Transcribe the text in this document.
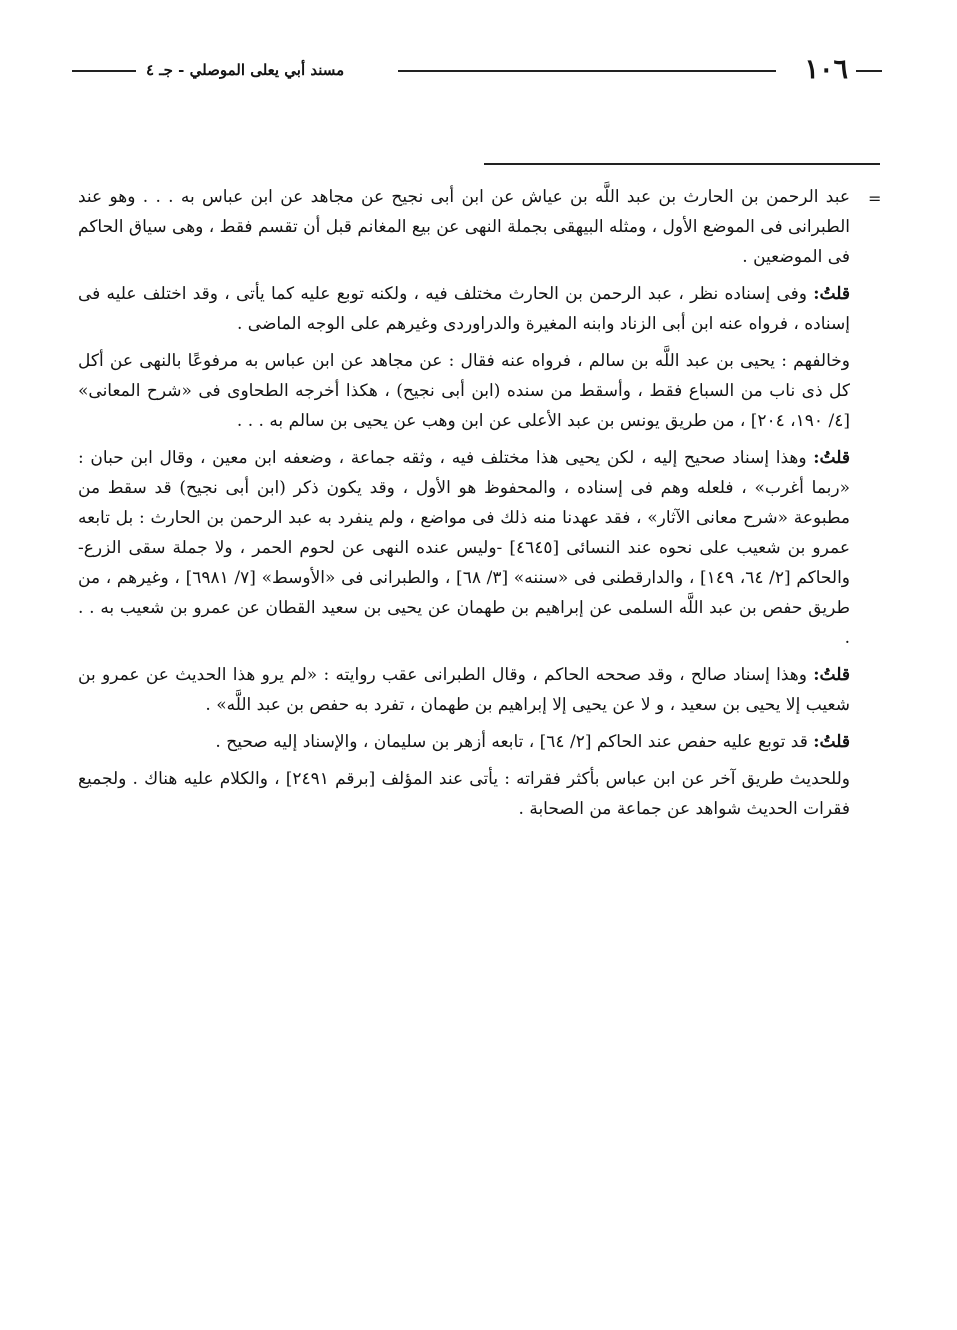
١٠٦
مسند أبي يعلى الموصلي - جـ ٤
=

عبد الرحمن بن الحارث بن عبد اللَّه بن عياش عن ابن أبى نجيح عن مجاهد عن ابن عباس به . . . وهو عند الطبرانى فى الموضع الأول ، ومثله البيهقى بجملة النهى عن بيع المغانم قبل أن تقسم فقط ، وهى سياق الحاكم فى الموضعين .

قلتُ: وفى إسناده نظر ، عبد الرحمن بن الحارث مختلف فيه ، ولكنه توبع عليه كما يأتى ، وقد اختلف عليه فى إسناده ، فرواه عنه ابن أبى الزناد وابنه المغيرة والدراوردى وغيرهم على الوجه الماضى .

وخالفهم : يحيى بن عبد اللَّه بن سالم ، فرواه عنه فقال : عن مجاهد عن ابن عباس به مرفوعًا بالنهى عن أكل كل ذى ناب من السباع فقط ، وأسقط من سنده (ابن أبى نجيح) ، هكذا أخرجه الطحاوى فى «شرح المعانى» [٤/ ١٩٠، ٢٠٤] ، من طريق يونس بن عبد الأعلى عن ابن وهب عن يحيى بن سالم به . . .

قلتُ: وهذا إسناد صحيح إليه ، لكن يحيى هذا مختلف فيه ، وثقه جماعة ، وضعفه ابن معين ، وقال ابن حبان : «ربما أغرب» ، فلعله وهم فى إسناده ، والمحفوظ هو الأول ، وقد يكون ذكر (ابن أبى نجيح) قد سقط من مطبوعة «شرح معانى الآثار» ، فقد عهدنا منه ذلك فى مواضع ، ولم ينفرد به عبد الرحمن بن الحارث : بل تابعه عمرو بن شعيب على نحوه عند النسائى [٤٦٤٥] -وليس عنده النهى عن لحوم الحمر ، ولا جملة سقى الزرع- والحاكم [٢/ ٦٤، ١٤٩] ، والدارقطنى فى «سننه» [٣/ ٦٨] ، والطبرانى فى «الأوسط» [٧/ ٦٩٨١] ، وغيرهم ، من طريق حفص بن عبد اللَّه السلمى عن إبراهيم بن طهمان عن يحيى بن سعيد القطان عن عمرو بن شعيب به . . .

قلتُ: وهذا إسناد صالح ، وقد صححه الحاكم ، وقال الطبرانى عقب روايته : «لم يرو هذا الحديث عن عمرو بن شعيب إلا يحيى بن سعيد ، و لا عن يحيى إلا إبراهيم بن طهمان ، تفرد به حفص بن عبد اللَّه» .

قلتُ: قد توبع عليه حفص عند الحاكم [٢/ ٦٤] ، تابعه أزهر بن سليمان ، والإسناد إليه صحيح .

وللحديث طريق آخر عن ابن عباس بأكثر فقراته : يأتى عند المؤلف [برقم ٢٤٩١] ، والكلام عليه هناك . ولجميع فقرات الحديث شواهد عن جماعة من الصحابة .
